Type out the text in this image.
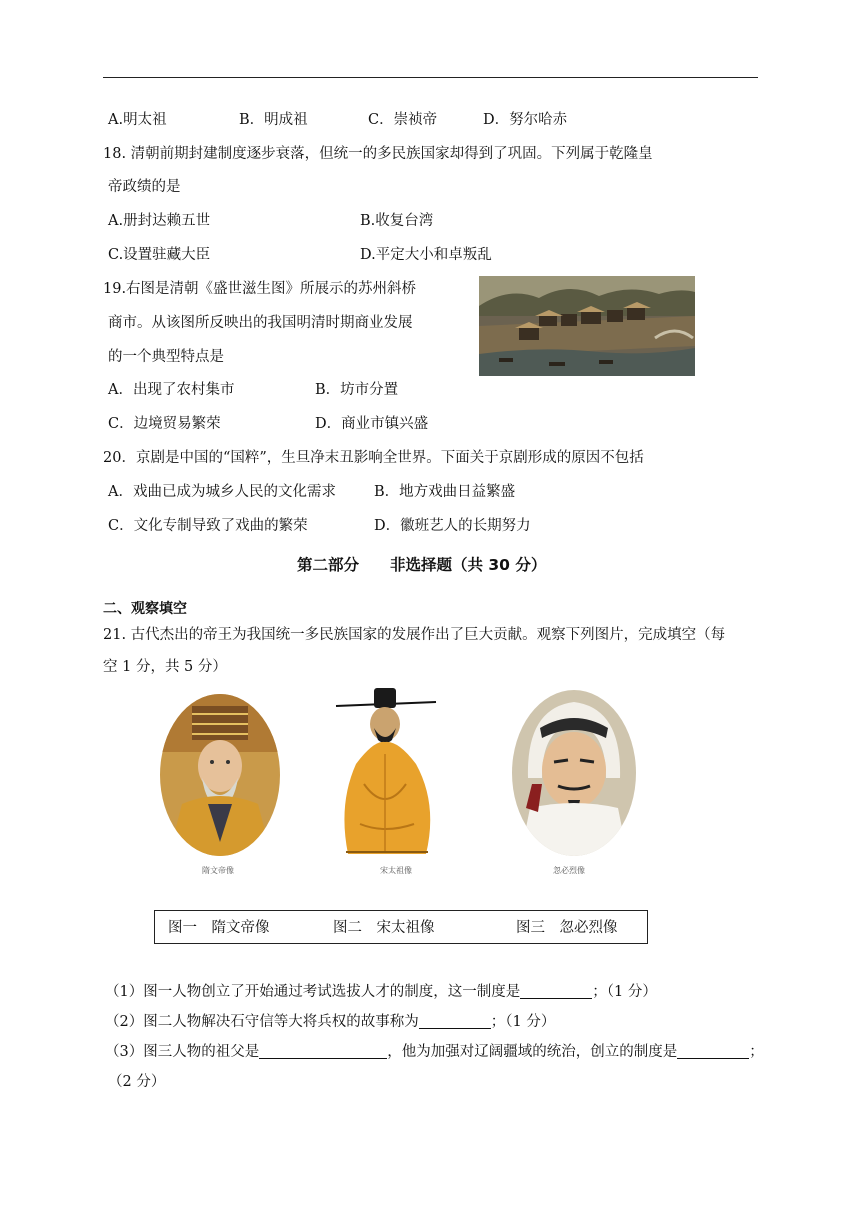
A.明太祖	B．明成祖	C．崇祯帝	D．努尔哈赤
18. 清朝前期封建制度逐步衰落，但统一的多民族国家却得到了巩固。下列属于乾隆皇
帝政绩的是
A.册封达赖五世	B.收复台湾
C.设置驻藏大臣	D.平定大小和卓叛乱
19.右图是清朝《盛世滋生图》所展示的苏州斜桥
商市。从该图所反映出的我国明清时期商业发展
的一个典型特点是
A．出现了农村集市	B．坊市分置
C．边境贸易繁荣	D．商业市镇兴盛
20．京剧是中国的“国粹”，生旦净末丑影响全世界。下面关于京剧形成的原因不包括
A．戏曲已成为城乡人民的文化需求	B．地方戏曲日益繁盛
C．文化专制导致了戏曲的繁荣	D．徽班艺人的长期努力
第二部分　　非选择题（共 30 分）
二、观察填空
21. 古代杰出的帝王为我国统一多民族国家的发展作出了巨大贡献。观察下列图片，完成填空（每
空 1 分，共 5 分）
隋文帝像	宋太祖像	忽必烈像
图一　隋文帝像	图二　宋太祖像	图三　忽必烈像
（1）图一人物创立了开始通过考试选拔人才的制度，这一制度是	；（1 分）
（2）图二人物解决石守信等大将兵权的故事称为	；（1 分）
（3）图三人物的祖父是	，他为加强对辽阔疆域的统治，创立的制度是	；
（2 分）
